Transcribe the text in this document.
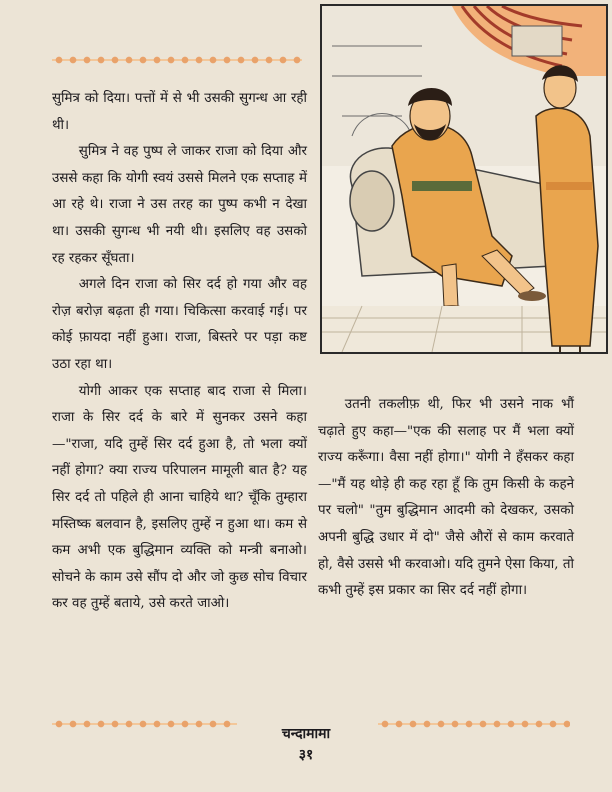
सुमित्र को दिया। पत्तों में से भी उसकी सुगन्ध आ रही थी।

सुमित्र ने वह पुष्प ले जाकर राजा को दिया और उससे कहा कि योगी स्वयं उससे मिलने एक सप्ताह में आ रहे थे। राजा ने उस तरह का पुष्प कभी न देखा था। उसकी सुगन्ध भी नयी थी। इसलिए वह उसको रह रहकर सूँघता।

अगले दिन राजा को सिर दर्द हो गया और वह रोज़ बरोज़ बढ़ता ही गया। चिकित्सा करवाई गई। पर कोई फ़ायदा नहीं हुआ। राजा, बिस्तरे पर पड़ा कष्ट उठा रहा था।

योगी आकर एक सप्ताह बाद राजा से मिला। राजा के सिर दर्द के बारे में सुनकर उसने कहा—"राजा, यदि तुम्हें सिर दर्द हुआ है, तो भला क्यों नहीं होगा? क्या राज्य परिपालन मामूली बात है? यह सिर दर्द तो पहिले ही आना चाहिये था? चूँकि तुम्हारा मस्तिष्क बलवान है, इसलिए तुम्हें न हुआ था। कम से कम अभी एक बुद्धिमान व्यक्ति को मन्त्री बनाओ। सोचने के काम उसे सौंप दो और जो कुछ सोच विचार कर वह तुम्हें बताये, उसे करते जाओ।

उतनी तकलीफ़ थी, फिर भी उसने नाक भौं चढ़ाते हुए कहा—"एक की सलाह पर मैं भला क्यों राज्य करूँगा। वैसा नहीं होगा।" योगी ने हँसकर कहा—"मैं यह थोड़े ही कह रहा हूँ कि तुम किसी के कहने पर चलो" "तुम बुद्धिमान आदमी को देखकर, उसको अपनी बुद्धि उधार में दो" जैसे औरों से काम करवाते हो, वैसे उससे भी करवाओ। यदि तुमने ऐसा किया, तो कभी तुम्हें इस प्रकार का सिर दर्द नहीं होगा।

चन्दामामा
३१
